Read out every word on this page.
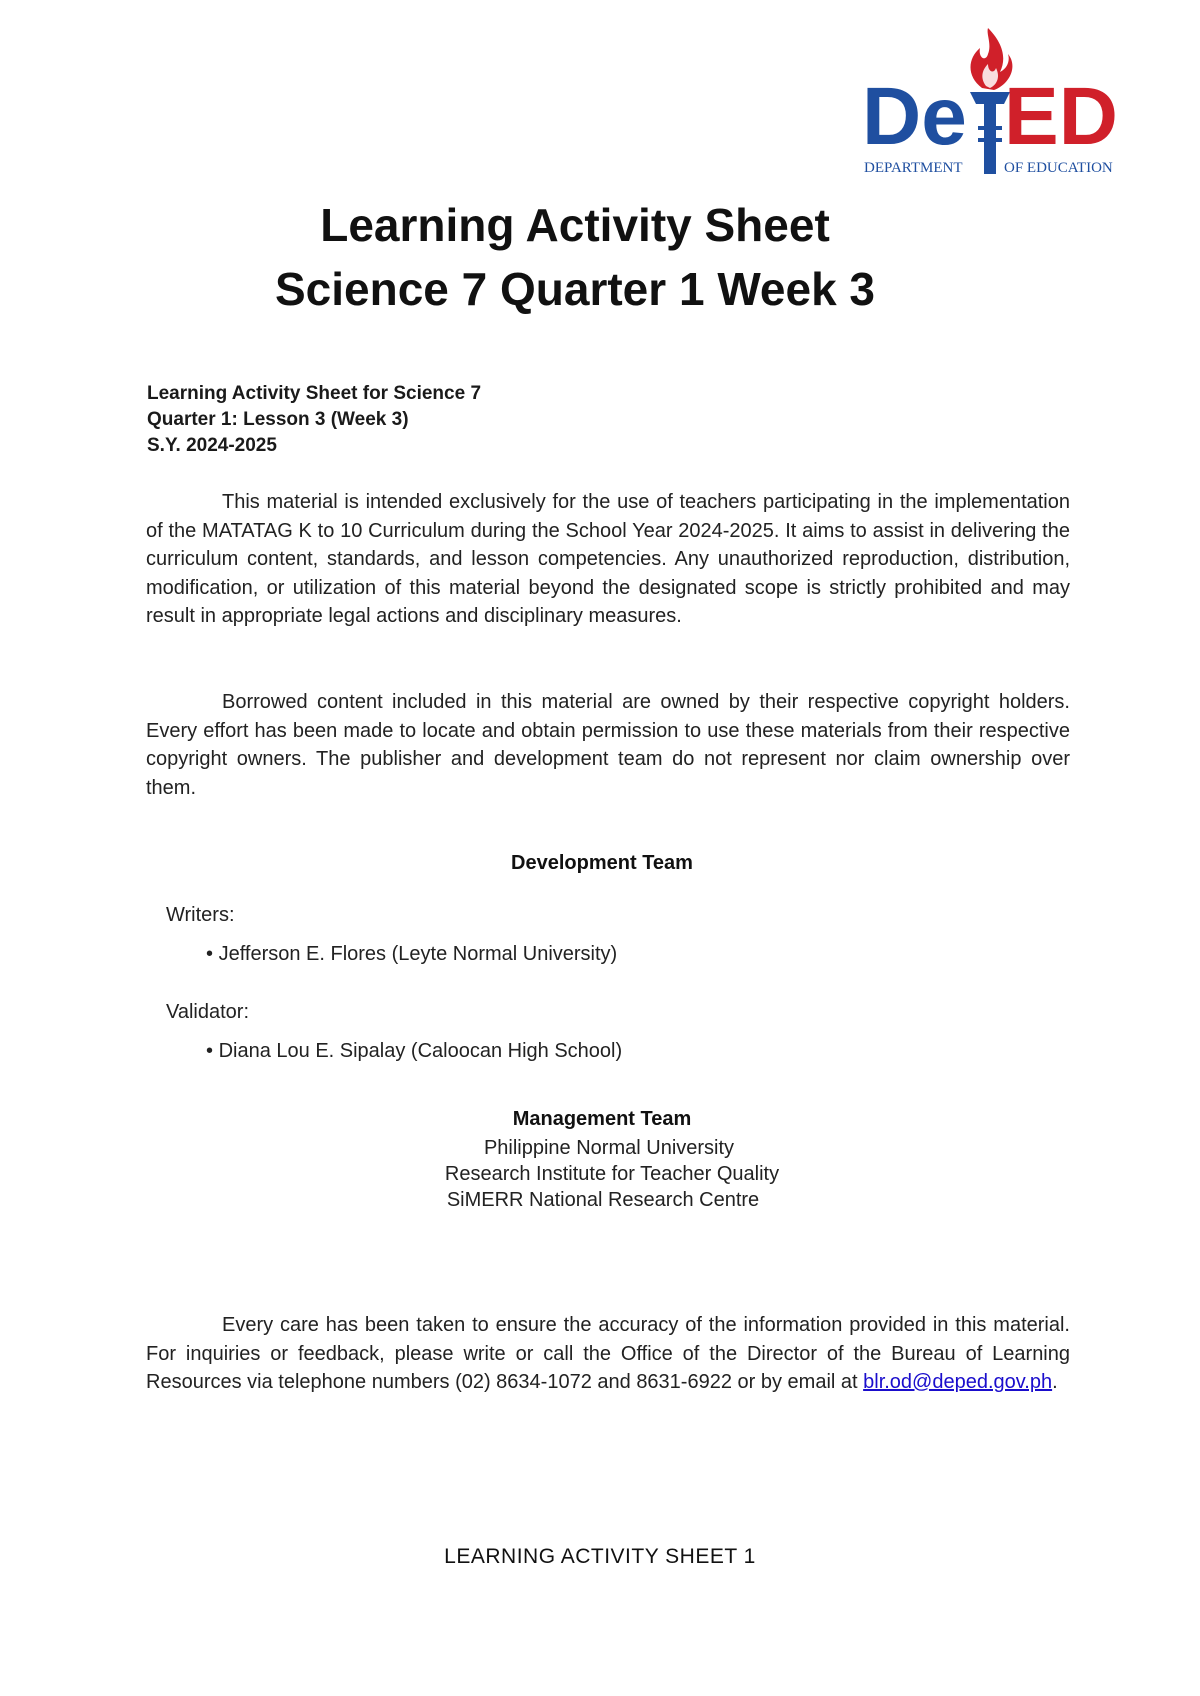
De ED
DEPARTMENT	OF EDUCATION
Learning Activity Sheet
Science 7 Quarter 1 Week 3
Learning Activity Sheet for Science 7
Quarter 1: Lesson 3 (Week 3)
S.Y. 2024-2025

This material is intended exclusively for the use of teachers participating in the implementation of the MATATAG K to 10 Curriculum during the School Year 2024-2025. It aims to assist in delivering the curriculum content, standards, and lesson competencies. Any unauthorized reproduction, distribution, modification, or utilization of this material beyond the designated scope is strictly prohibited and may result in appropriate legal actions and disciplinary measures.

Borrowed content included in this material are owned by their respective copyright holders. Every effort has been made to locate and obtain permission to use these materials from their respective copyright owners. The publisher and development team do not represent nor claim ownership over them.

Development Team
Writers:
• Jefferson E. Flores (Leyte Normal University)
Validator:
• Diana Lou E. Sipalay (Caloocan High School)
Management Team
Philippine Normal University
Research Institute for Teacher Quality
SiMERR National Research Centre

Every care has been taken to ensure the accuracy of the information provided in this material. For inquiries or feedback, please write or call the Office of the Director of the Bureau of Learning Resources via telephone numbers (02) 8634-1072 and 8631-6922 or by email at blr.od@deped.gov.ph.

LEARNING ACTIVITY SHEET 1
